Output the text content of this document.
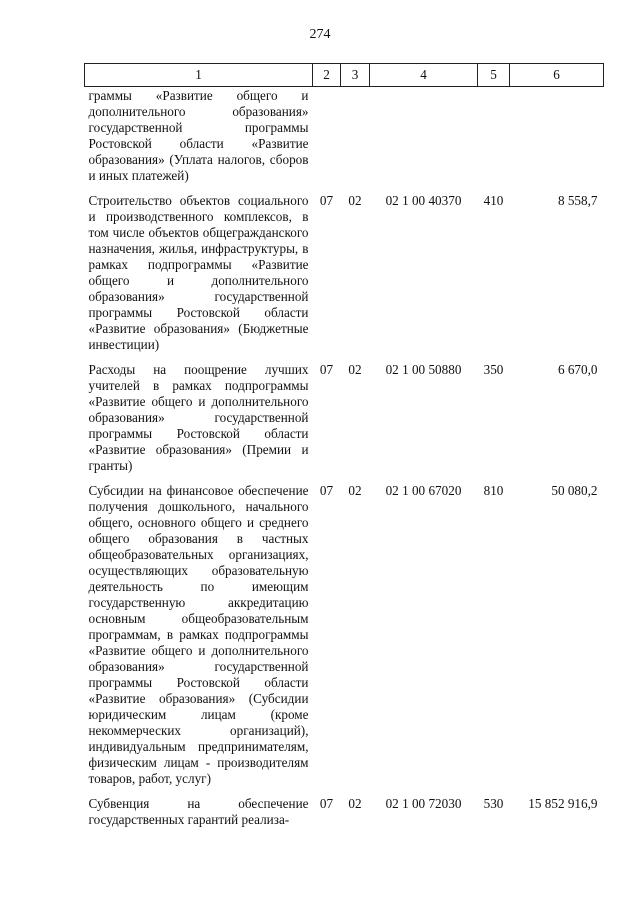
274
1	2	3	4	5	6
граммы «Развитие общего и дополнительного образования» государственной программы Ростовской области «Развитие образования» (Уплата налогов, сборов и иных платежей)					
Строительство объектов социального и производственного комплексов, в том числе объектов общегражданского назначения, жилья, инфраструктуры, в рамках подпрограммы «Развитие общего и дополнительного образования» государственной программы Ростовской области «Развитие образования» (Бюджетные инвестиции)	07	02	02 1 00 40370	410	8 558,7
Расходы на поощрение лучших учителей в рамках подпрограммы «Развитие общего и дополнительного образования» государственной программы Ростовской области «Развитие образования» (Премии и гранты)	07	02	02 1 00 50880	350	6 670,0
Субсидии на финансовое обеспечение получения дошкольного, начального общего, основного общего и среднего общего образования в частных общеобразовательных организациях, осуществляющих образовательную деятельность по имеющим государственную аккредитацию основным общеобразовательным программам, в рамках подпрограммы «Развитие общего и дополнительного образования» государственной программы Ростовской области «Развитие образования» (Субсидии юридическим лицам (кроме некоммерческих организаций), индивидуальным предпринимателям, физическим лицам - производителям товаров, работ, услуг)	07	02	02 1 00 67020	810	50 080,2
Субвенция на обеспечение государственных гарантий реализа-	07	02	02 1 00 72030	530	15 852 916,9
